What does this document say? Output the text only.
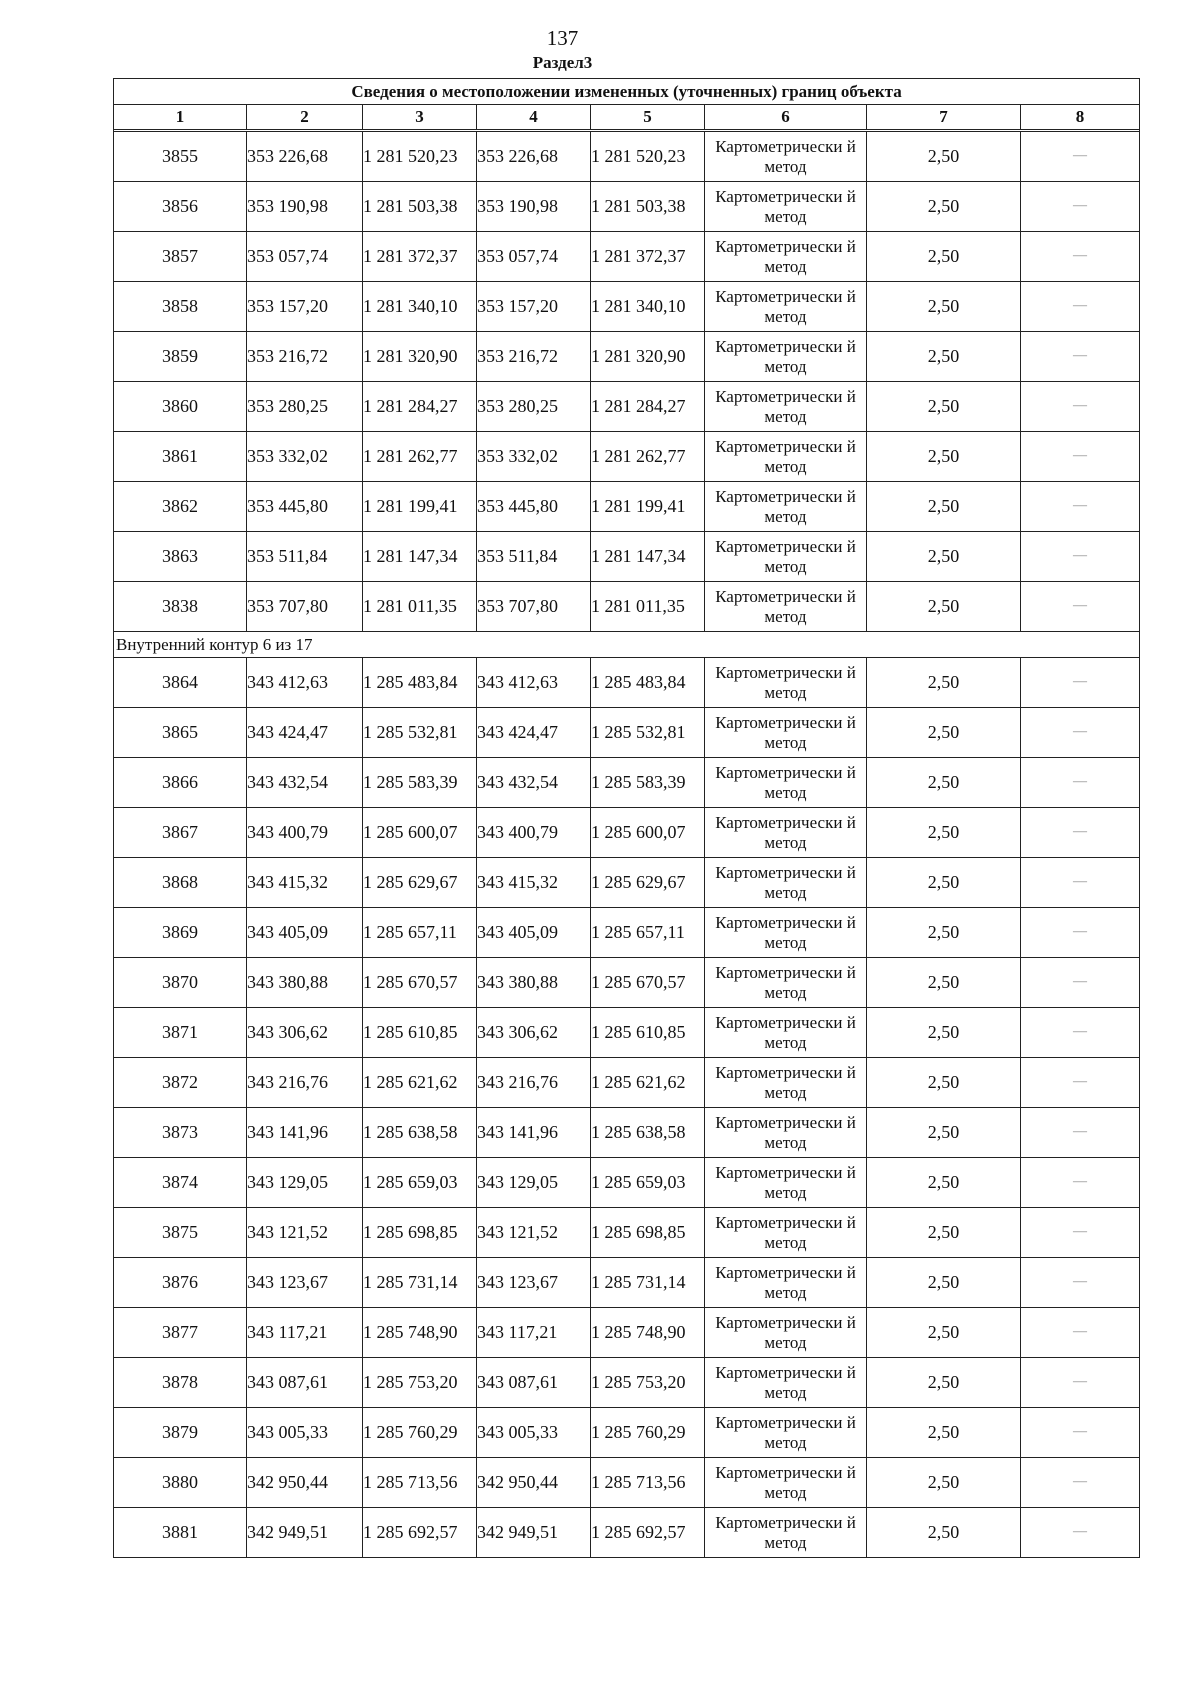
137
Раздел3
Сведения о местоположении измененных (уточненных) границ объекта							
1	2	3	4	5	6	7	8

3855	353 226,68	1 281 520,23	353 226,68	1 281 520,23	Картометрически й метод	2,50	—
3856	353 190,98	1 281 503,38	353 190,98	1 281 503,38	Картометрически й метод	2,50	—
3857	353 057,74	1 281 372,37	353 057,74	1 281 372,37	Картометрически й метод	2,50	—
3858	353 157,20	1 281 340,10	353 157,20	1 281 340,10	Картометрически й метод	2,50	—
3859	353 216,72	1 281 320,90	353 216,72	1 281 320,90	Картометрически й метод	2,50	—
3860	353 280,25	1 281 284,27	353 280,25	1 281 284,27	Картометрически й метод	2,50	—
3861	353 332,02	1 281 262,77	353 332,02	1 281 262,77	Картометрически й метод	2,50	—
3862	353 445,80	1 281 199,41	353 445,80	1 281 199,41	Картометрически й метод	2,50	—
3863	353 511,84	1 281 147,34	353 511,84	1 281 147,34	Картометрически й метод	2,50	—
3838	353 707,80	1 281 011,35	353 707,80	1 281 011,35	Картометрически й метод	2,50	—
Внутренний контур 6 из 17							
3864	343 412,63	1 285 483,84	343 412,63	1 285 483,84	Картометрически й метод	2,50	—
3865	343 424,47	1 285 532,81	343 424,47	1 285 532,81	Картометрически й метод	2,50	—
3866	343 432,54	1 285 583,39	343 432,54	1 285 583,39	Картометрически й метод	2,50	—
3867	343 400,79	1 285 600,07	343 400,79	1 285 600,07	Картометрически й метод	2,50	—
3868	343 415,32	1 285 629,67	343 415,32	1 285 629,67	Картометрически й метод	2,50	—
3869	343 405,09	1 285 657,11	343 405,09	1 285 657,11	Картометрически й метод	2,50	—
3870	343 380,88	1 285 670,57	343 380,88	1 285 670,57	Картометрически й метод	2,50	—
3871	343 306,62	1 285 610,85	343 306,62	1 285 610,85	Картометрически й метод	2,50	—
3872	343 216,76	1 285 621,62	343 216,76	1 285 621,62	Картометрически й метод	2,50	—
3873	343 141,96	1 285 638,58	343 141,96	1 285 638,58	Картометрически й метод	2,50	—
3874	343 129,05	1 285 659,03	343 129,05	1 285 659,03	Картометрически й метод	2,50	—
3875	343 121,52	1 285 698,85	343 121,52	1 285 698,85	Картометрически й метод	2,50	—
3876	343 123,67	1 285 731,14	343 123,67	1 285 731,14	Картометрически й метод	2,50	—
3877	343 117,21	1 285 748,90	343 117,21	1 285 748,90	Картометрически й метод	2,50	—
3878	343 087,61	1 285 753,20	343 087,61	1 285 753,20	Картометрически й метод	2,50	—
3879	343 005,33	1 285 760,29	343 005,33	1 285 760,29	Картометрически й метод	2,50	—
3880	342 950,44	1 285 713,56	342 950,44	1 285 713,56	Картометрически й метод	2,50	—
3881	342 949,51	1 285 692,57	342 949,51	1 285 692,57	Картометрически й метод	2,50	—
